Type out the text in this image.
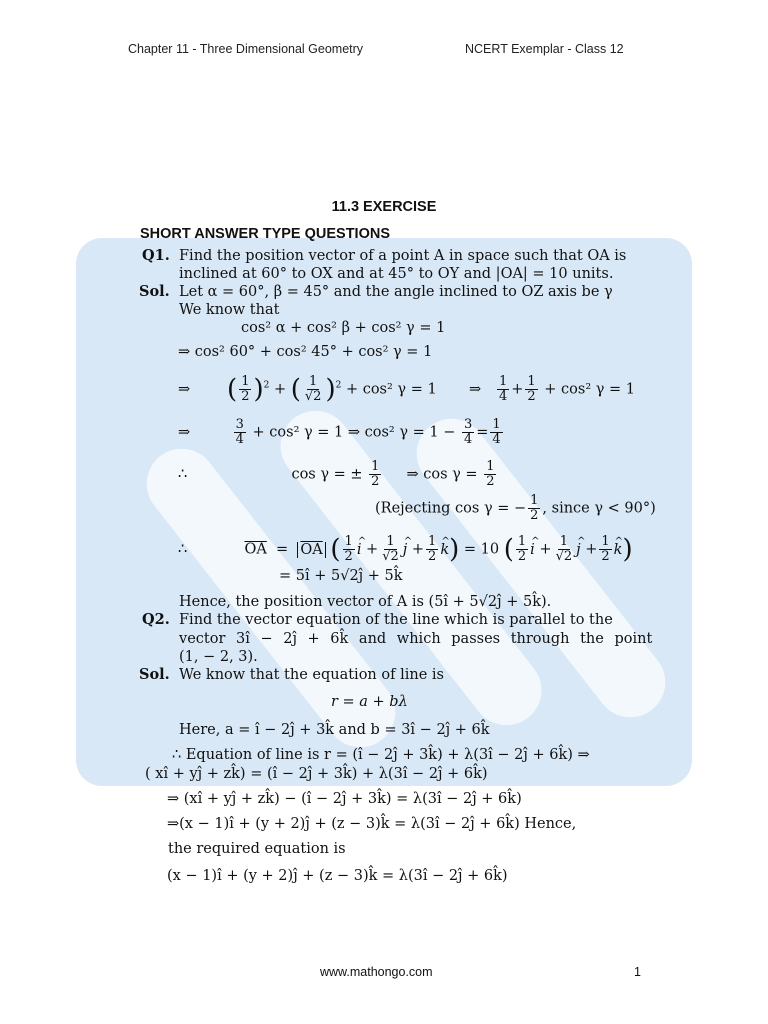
Chapter 11 - Three Dimensional Geometry	NCERT Exemplar - Class 12
11.3 EXERCISE
SHORT ANSWER TYPE QUESTIONS
Q1. Find the position vector of a point A in space such that OA is
inclined at 60° to OX and at 45° to OY and |OA| = 10 units.
Sol. Let α = 60°, β = 45° and the angle inclined to OZ axis be γ
We know that
cos² α + cos² β + cos² γ = 1
⇒ cos² 60° + cos² 45° + cos² γ = 1
⇒ ( $\frac{1}{2} )^2$ + ( $\frac{1}{√2} )^2 + \cos^2$ γ = 1 ⇒ $\frac{1}{4} + \frac{1}{2} + \cos^2$ γ = 1
⇒	$\frac{3}{4} + \cos^2$ γ = 1 ⇒ cos² $\gamma = 1 - \frac{3}{4} = \frac{1}{4}$
∴	cos γ = ± $\frac{1}{2}$ ⇒ $\cos \gamma = \frac{1}{2}$
(Rejecting cos γ = − $\frac{1}{2}$ , since γ < 90°)
∴	$\overline{OA} = \overline{OA}$ ( $\frac{1}{2}$ i ^ + $\frac{1}{√2}$ j ^ + $\frac{1}{2}$ k ^) = 10 ( $\frac{1}{2}$ i ^ + $\frac{1}{√2}$ j ^ + $\frac{1}{2}$ k ^)
= 5î + 5√2ĵ + 5k̂
Hence, the position vector of A is (5î + 5√2ĵ + 5k̂).
Q2. Find the vector equation of the line which is parallel to the
vector 3î − 2ĵ + 6k̂ and which passes through the point
(1, − 2, 3).
Sol. We know that the equation of line is
r = a + bλ
Here, a = î − 2ĵ + 3k̂ and b = 3î − 2ĵ + 6k̂
∴ Equation of line is r = (î − 2ĵ + 3k̂) + λ(3î − 2ĵ + 6k̂) ⇒
( xî + yĵ + zk̂) = (î − 2ĵ + 3k̂) + λ(3î − 2ĵ + 6k̂)
⇒ (xî + yĵ + zk̂) − (î − 2ĵ + 3k̂) = λ(3î − 2ĵ + 6k̂)
⇒(x − 1)î + (y + 2)ĵ + (z − 3)k̂ = λ(3î − 2ĵ + 6k̂) Hence,
the required equation is
(x − 1)î + (y + 2)ĵ + (z − 3)k̂ = λ(3î − 2ĵ + 6k̂)
www.mathongo.com	1
